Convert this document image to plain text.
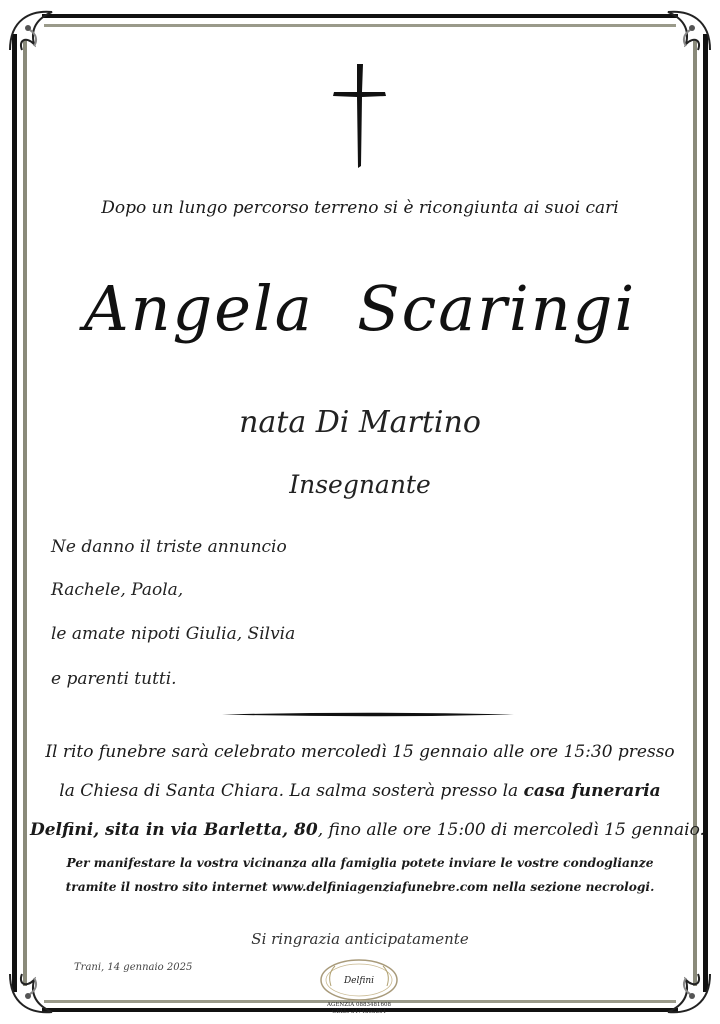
Dopo un lungo percorso terreno si è ricongiunta ai suoi cari
Angela  Scaringi
nata Di Martino
Insegnante
Ne danno il triste annuncio
Rachele, Paola,
le amate nipoti Giulia, Silvia
e parenti tutti.
Il rito funebre sarà celebrato mercoledì 15 gennaio alle ore 15:30 presso
la Chiesa di Santa Chiara. La salma sosterà presso la casa funeraria
Delfini, sita in via Barletta, 80, fino alle ore 15:00 di mercoledì 15 gennaio.
Per manifestare la vostra vicinanza alla famiglia potete inviare le vostre condoglianze
tramite il nostro sito internet www.delfiniagenziafunebre.com nella sezione necrologi.
Si ringrazia anticipatamente
Trani, 14 gennaio 2025
Delfini
AGENZIA 0883481608
CELL. 3474803864
